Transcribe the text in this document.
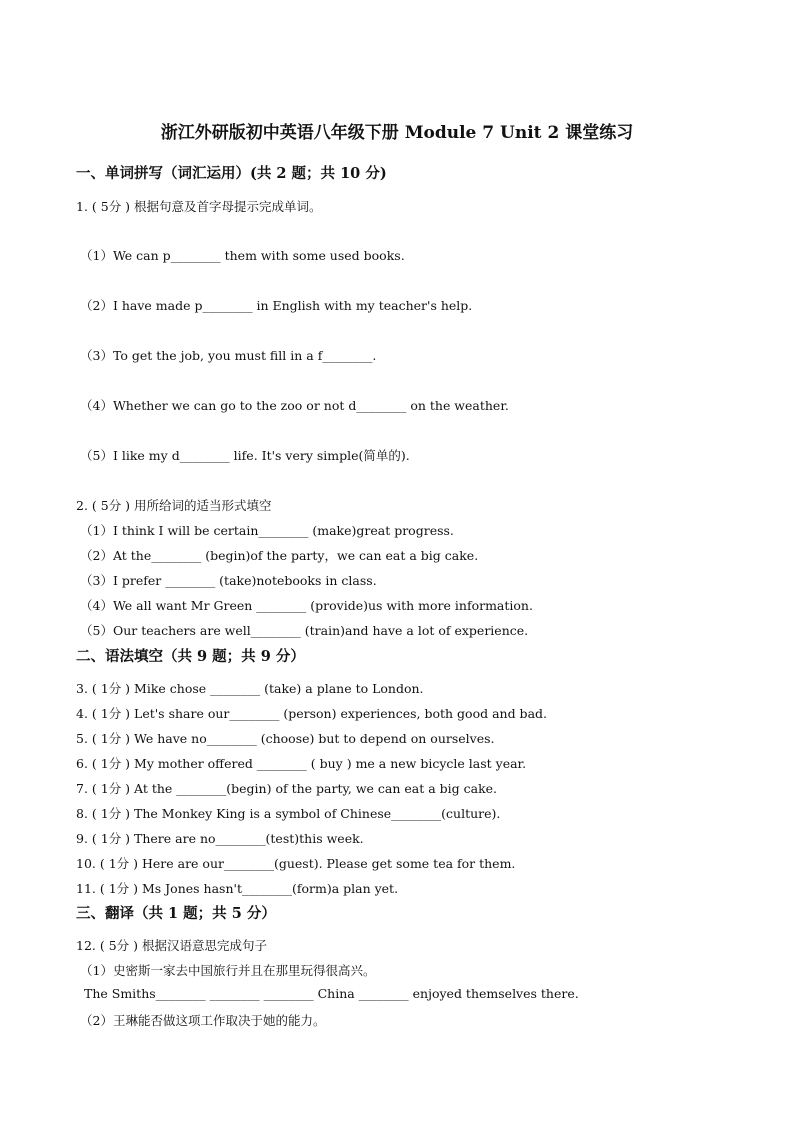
浙江外研版初中英语八年级下册 Module 7 Unit 2 课堂练习
一、单词拼写（词汇运用）(共 2 题；共 10 分)
1. ( 5分 ) 根据句意及首字母提示完成单词。
（1）We can p________ them with some used books.
（2）I have made p________ in English with my teacher's help.
（3）To get the job, you must fill in a f________.
（4）Whether we can go to the zoo or not d________ on the weather.
（5）I like my d________ life. It's very simple(简单的).
2. ( 5分 ) 用所给词的适当形式填空
（1）I think I will be certain________ (make)great progress.
（2）At the________ (begin)of the party，we can eat a big cake.
（3）I prefer ________ (take)notebooks in class.
（4）We all want Mr Green ________ (provide)us with more information.
（5）Our teachers are well________ (train)and have a lot of experience.
二、语法填空（共 9 题；共 9 分）
3. ( 1分 ) Mike chose ________ (take) a plane to London.
4. ( 1分 ) Let's share our________ (person) experiences, both good and bad.
5. ( 1分 ) We have no________ (choose) but to depend on ourselves.
6. ( 1分 ) My mother offered ________ ( buy ) me a new bicycle last year.
7. ( 1分 ) At the ________(begin) of the party, we can eat a big cake.
8. ( 1分 ) The Monkey King is a symbol of Chinese________(culture).
9. ( 1分 ) There are no________(test)this week.
10. ( 1分 ) Here are our________(guest). Please get some tea for them.
11. ( 1分 ) Ms Jones hasn't________(form)a plan yet.
三、翻译（共 1 题；共 5 分）
12. ( 5分 ) 根据汉语意思完成句子
（1）史密斯一家去中国旅行并且在那里玩得很高兴。
The Smiths________ ________ ________ China ________ enjoyed themselves there.
（2）王琳能否做这项工作取决于她的能力。
